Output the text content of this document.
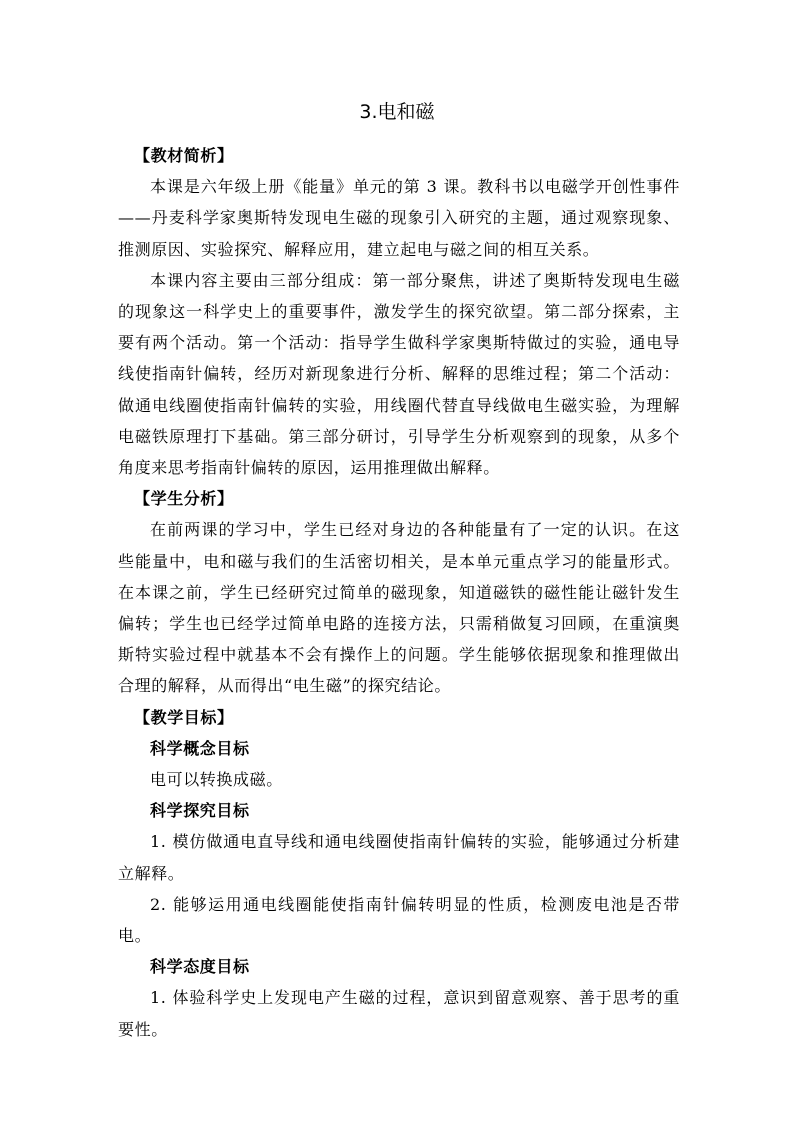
3.电和磁

【教材简析】

本课是六年级上册《能量》单元的第 3 课。教科书以电磁学开创性事件——丹麦科学家奥斯特发现电生磁的现象引入研究的主题，通过观察现象、推测原因、实验探究、解释应用，建立起电与磁之间的相互关系。

本课内容主要由三部分组成：第一部分聚焦，讲述了奥斯特发现电生磁的现象这一科学史上的重要事件，激发学生的探究欲望。第二部分探索，主要有两个活动。第一个活动：指导学生做科学家奥斯特做过的实验，通电导线使指南针偏转，经历对新现象进行分析、解释的思维过程；第二个活动：做通电线圈使指南针偏转的实验，用线圈代替直导线做电生磁实验，为理解电磁铁原理打下基础。第三部分研讨，引导学生分析观察到的现象，从多个角度来思考指南针偏转的原因，运用推理做出解释。

【学生分析】

在前两课的学习中，学生已经对身边的各种能量有了一定的认识。在这些能量中，电和磁与我们的生活密切相关，是本单元重点学习的能量形式。在本课之前，学生已经研究过简单的磁现象，知道磁铁的磁性能让磁针发生偏转；学生也已经学过简单电路的连接方法，只需稍做复习回顾，在重演奥斯特实验过程中就基本不会有操作上的问题。学生能够依据现象和推理做出合理的解释，从而得出“电生磁”的探究结论。

【教学目标】

科学概念目标

电可以转换成磁。

科学探究目标

1. 模仿做通电直导线和通电线圈使指南针偏转的实验，能够通过分析建立解释。

2. 能够运用通电线圈能使指南针偏转明显的性质，检测废电池是否带电。

科学态度目标

1. 体验科学史上发现电产生磁的过程，意识到留意观察、善于思考的重要性。
